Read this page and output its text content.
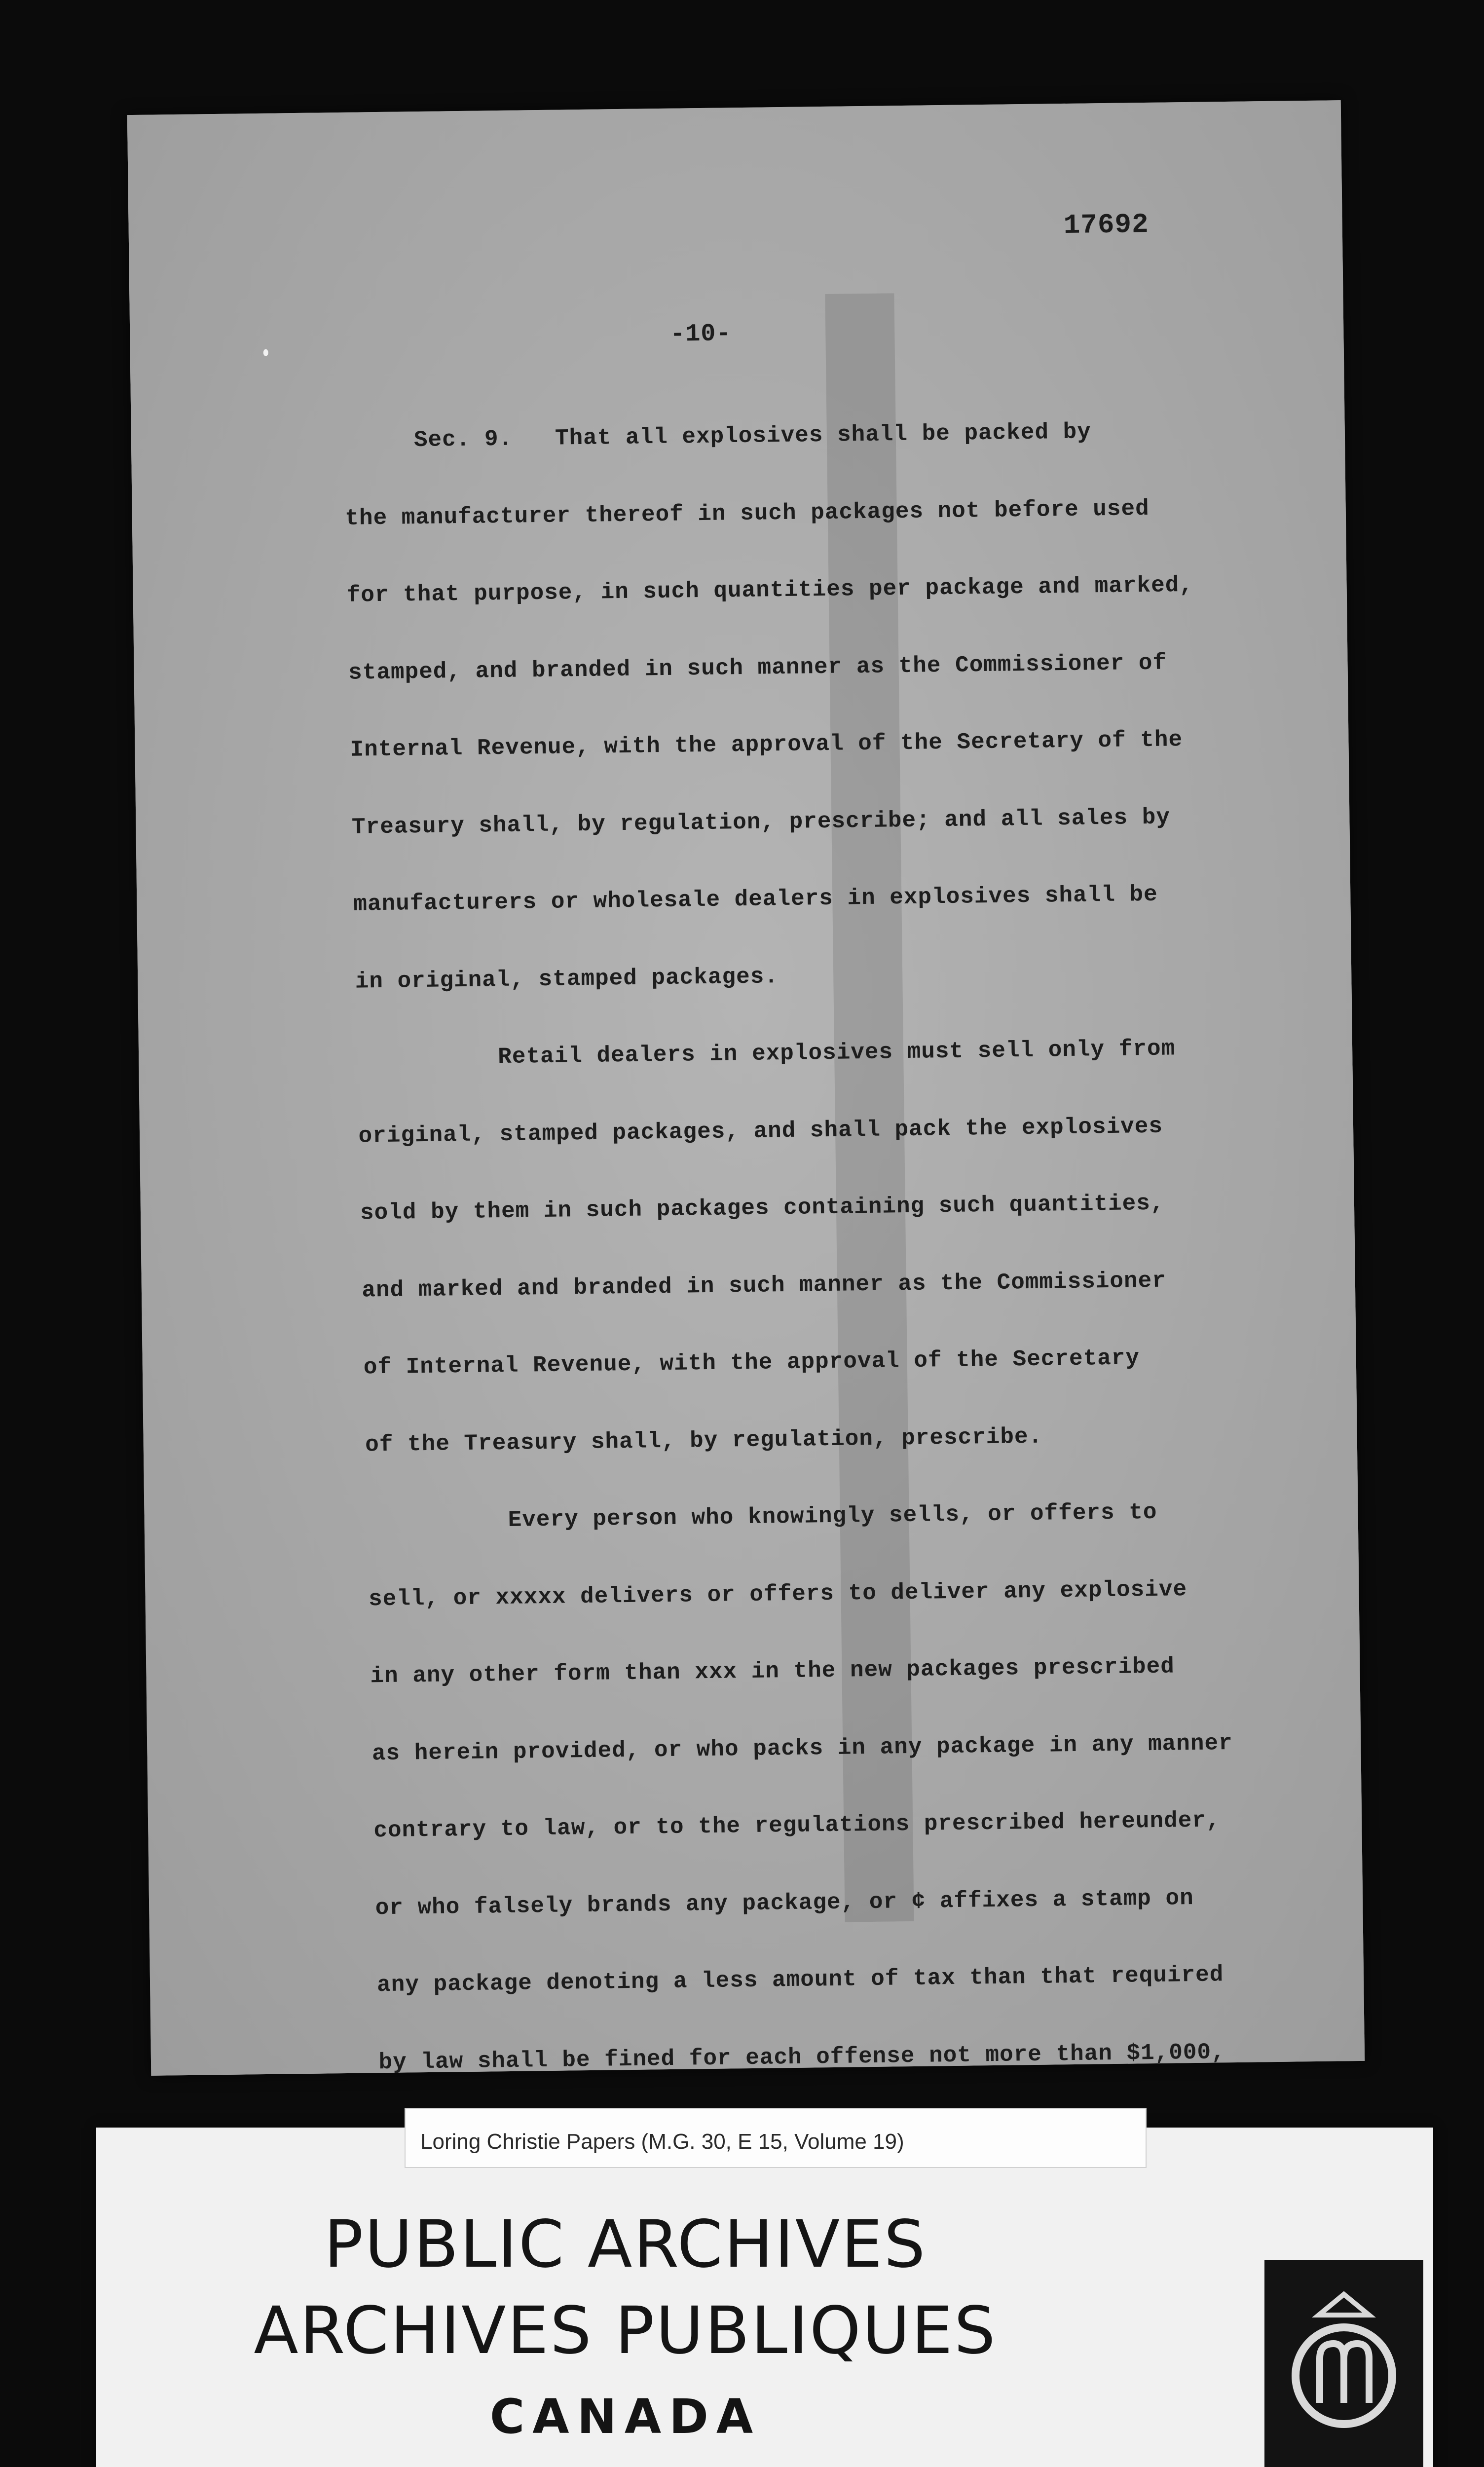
17692
-10-
Sec. 9.   That all explosives shall be packed by
the manufacturer thereof in such packages not before used
for that purpose, in such quantities per package and marked,
stamped, and branded in such manner as the Commissioner of
Internal Revenue, with the approval of the Secretary of the
Treasury shall, by regulation, prescribe; and all sales by
manufacturers or wholesale dealers in explosives shall be
in original, stamped packages.
Retail dealers in explosives must sell only from
original, stamped packages, and shall pack the explosives
sold by them in such packages containing such quantities,
and marked and branded in such manner as the Commissioner
of Internal Revenue, with the approval of the Secretary
of the Treasury shall, by regulation, prescribe.
Every person who knowingly sells, or offers to
sell, or xxxxx delivers or offers to deliver any explosive
in any other form than xxx in the new packages prescribed
as herein provided, or who packs in any package in any manner
contrary to law, or to the regulations prescribed hereunder,
or who falsely brands any package, or ¢ affixes a stamp on
any package denoting a less amount of tax than that required
by law shall be fined for each offense not more than $1,000,
Loring Christie Papers (M.G. 30, E 15, Volume 19)
PUBLIC ARCHIVES
ARCHIVES PUBLIQUES
CANADA
